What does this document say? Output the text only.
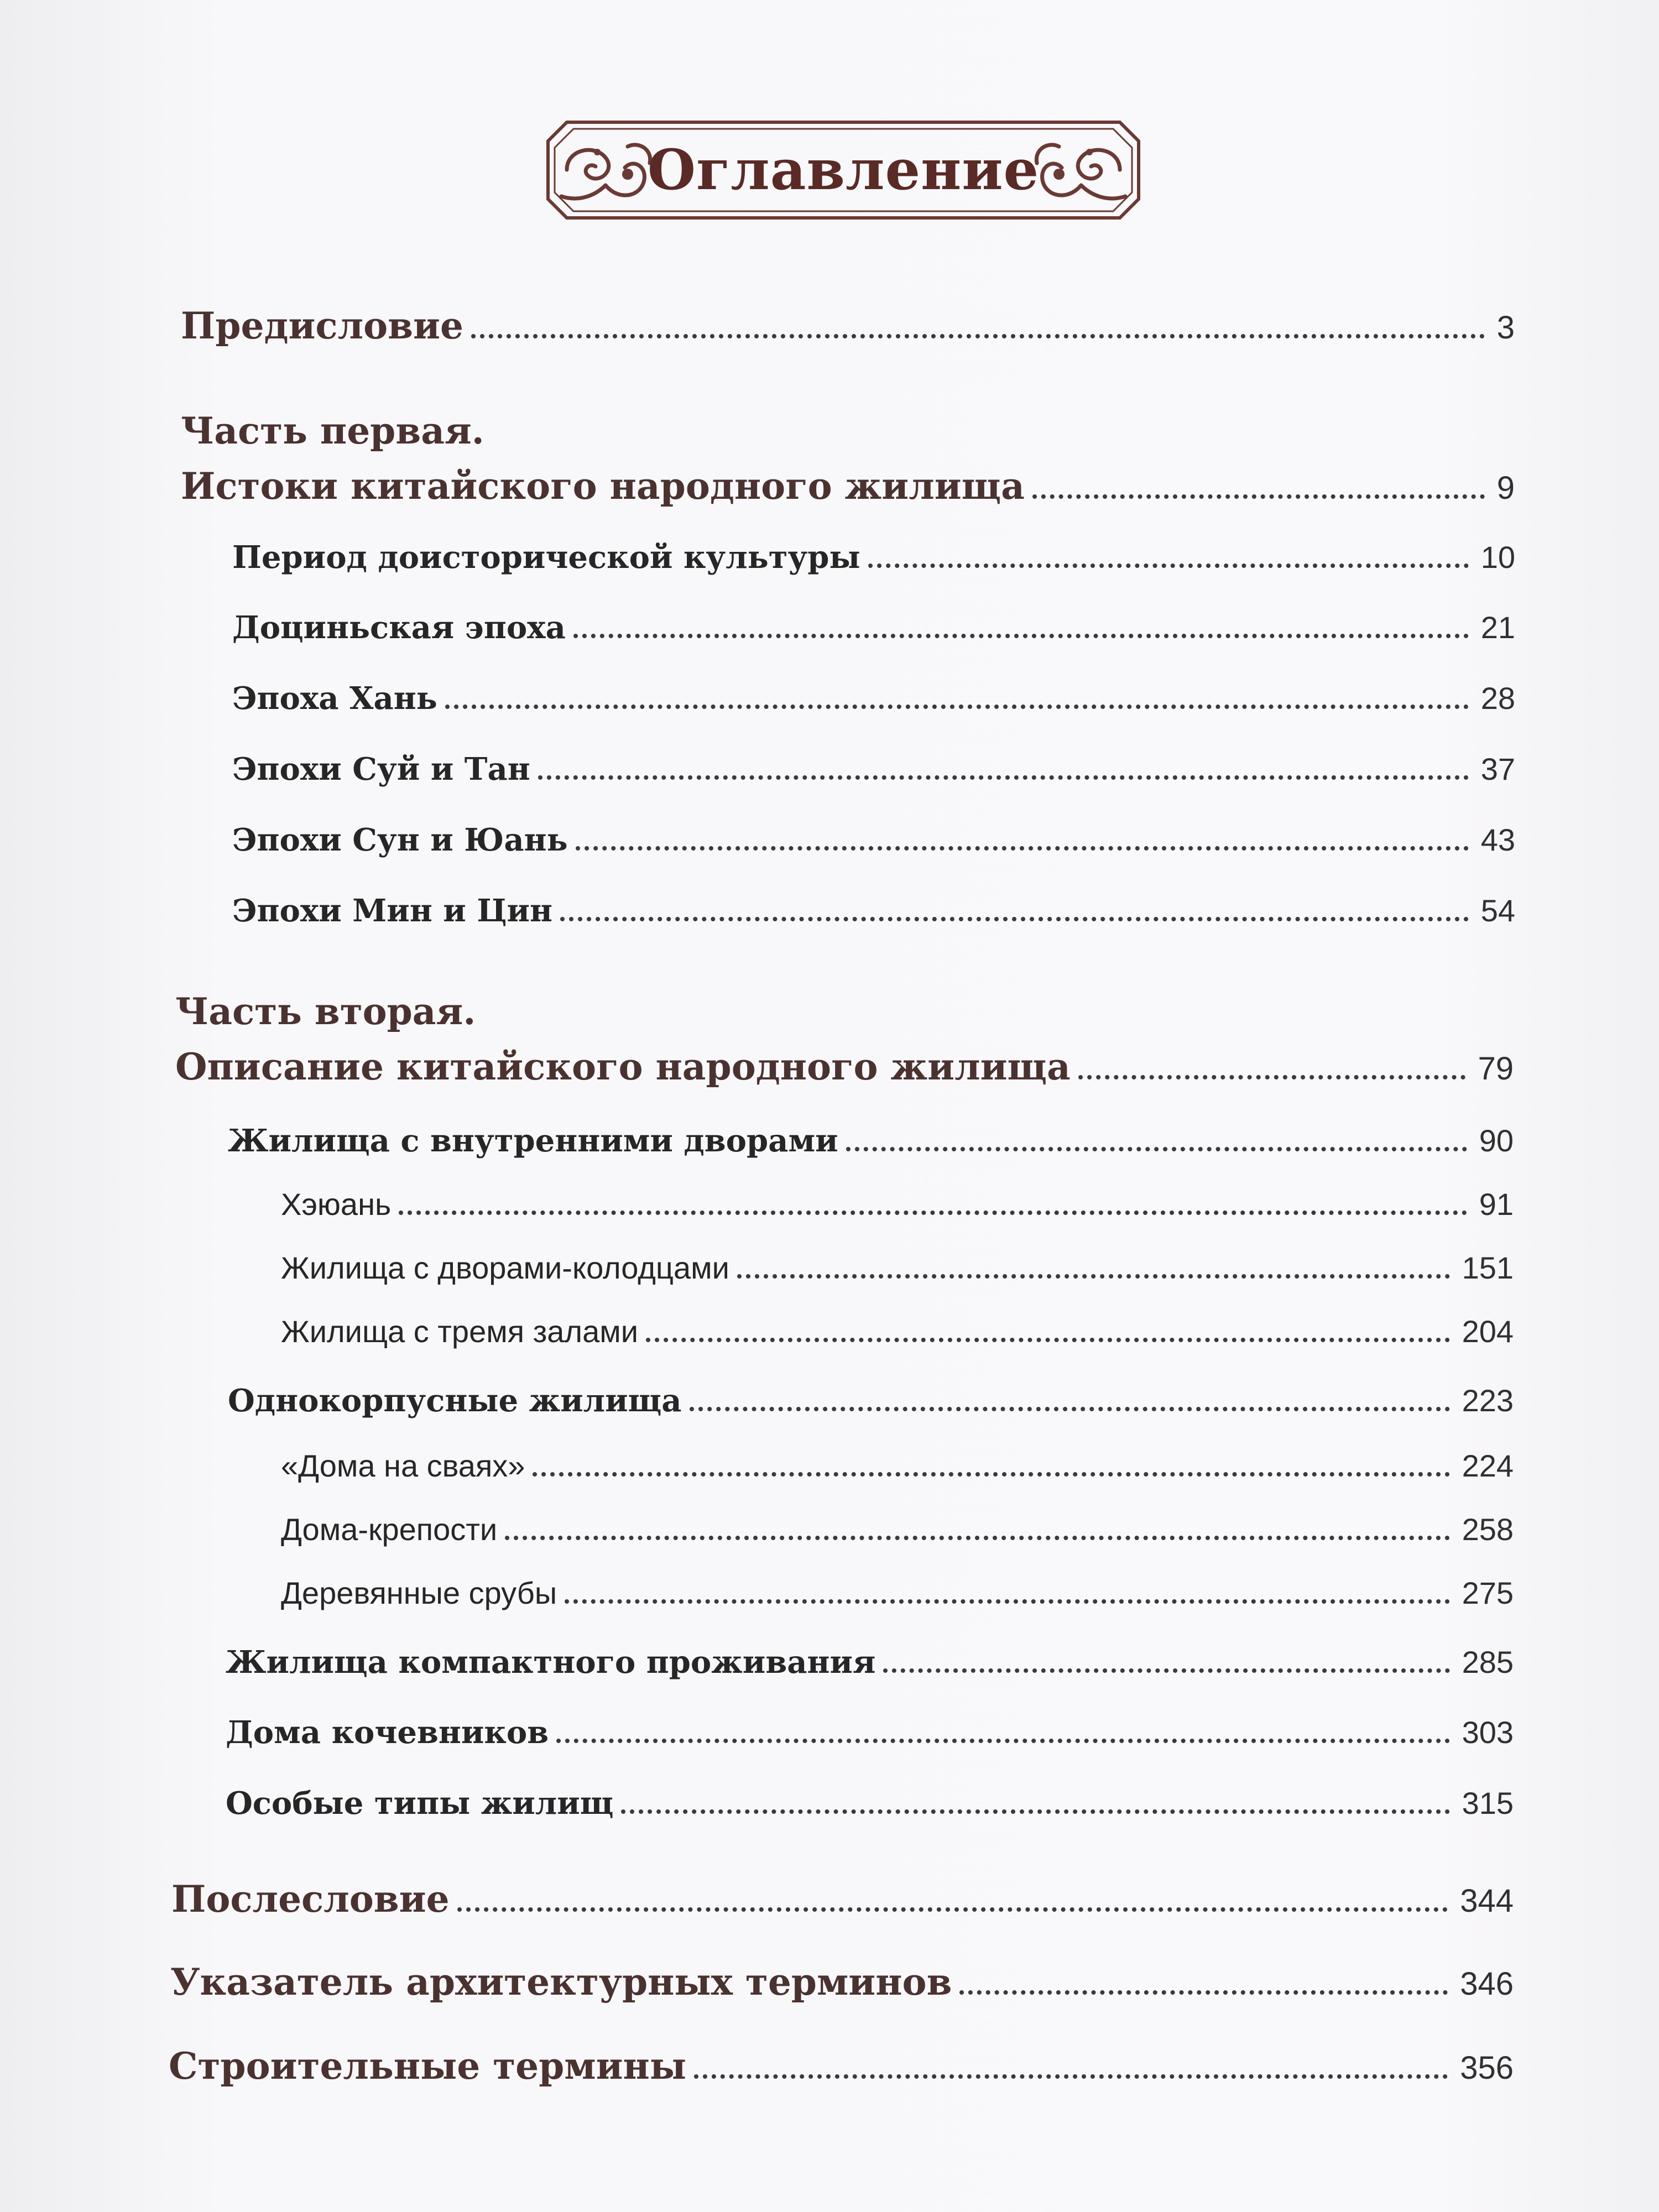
Оглавление
Предисловие	3
Часть первая.
Истоки китайского народного жилища	9
Период доисторической культуры	10
Доциньская эпоха	21
Эпоха Хань	28
Эпохи Суй и Тан	37
Эпохи Сун и Юань	43
Эпохи Мин и Цин	54
Часть вторая.
Описание китайского народного жилища	79
Жилища с внутренними дворами	90
Хэюань	91
Жилища с дворами-колодцами	151
Жилища с тремя залами	204
Однокорпусные жилища	223
«Дома на сваях»	224
Дома-крепости	258
Деревянные срубы	275
Жилища компактного проживания	285
Дома кочевников	303
Особые типы жилищ	315
Послесловие	344
Указатель архитектурных терминов	346
Строительные термины	356
